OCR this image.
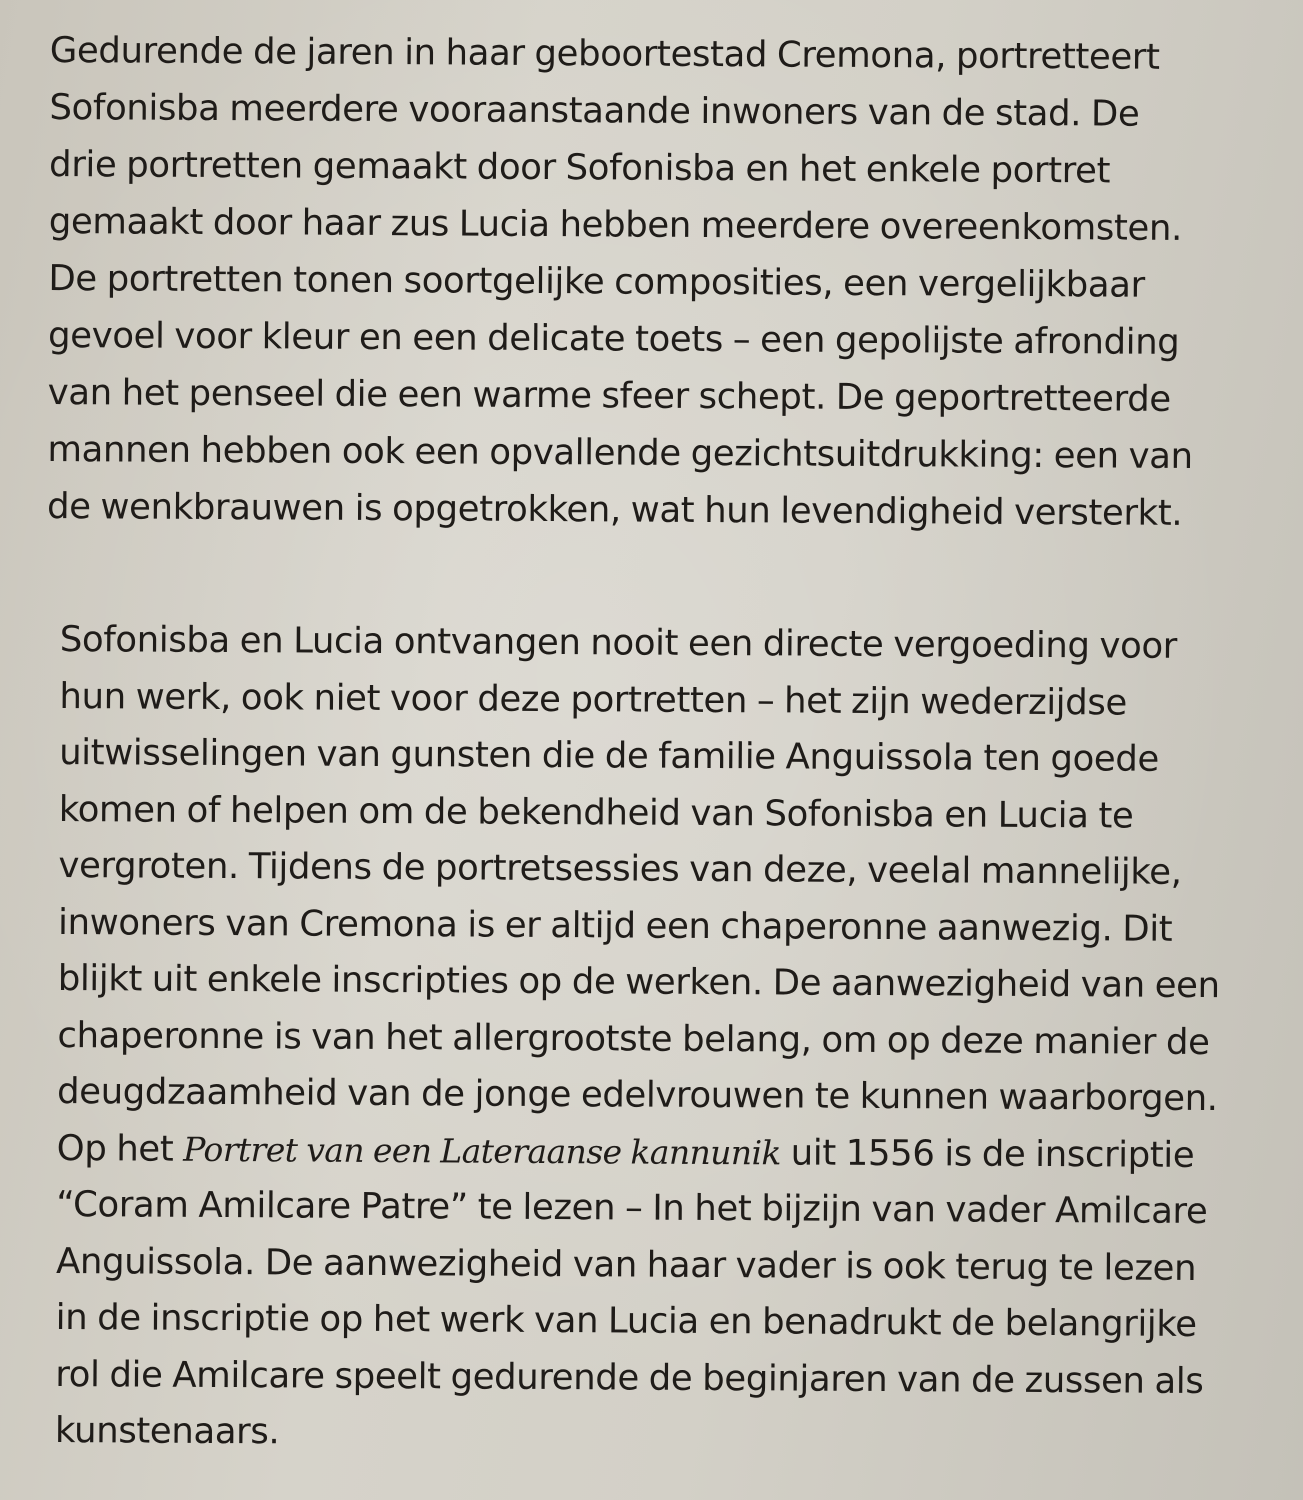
Gedurende de jaren in haar geboortestad Cremona, portretteert
Sofonisba meerdere vooraanstaande inwoners van de stad. De
drie portretten gemaakt door Sofonisba en het enkele portret
gemaakt door haar zus Lucia hebben meerdere overeenkomsten.
De portretten tonen soortgelijke composities, een vergelijkbaar
gevoel voor kleur en een delicate toets – een gepolijste afronding
van het penseel die een warme sfeer schept. De geportretteerde
mannen hebben ook een opvallende gezichtsuitdrukking: een van
de wenkbrauwen is opgetrokken, wat hun levendigheid versterkt.

Sofonisba en Lucia ontvangen nooit een directe vergoeding voor
hun werk, ook niet voor deze portretten – het zijn wederzijdse
uitwisselingen van gunsten die de familie Anguissola ten goede
komen of helpen om de bekendheid van Sofonisba en Lucia te
vergroten. Tijdens de portretsessies van deze, veelal mannelijke,
inwoners van Cremona is er altijd een chaperonne aanwezig. Dit
blijkt uit enkele inscripties op de werken. De aanwezigheid van een
chaperonne is van het allergrootste belang, om op deze manier de
deugdzaamheid van de jonge edelvrouwen te kunnen waarborgen.
Op het Portret van een Lateraanse kannunik uit 1556 is de inscriptie
“Coram Amilcare Patre” te lezen – In het bijzijn van vader Amilcare
Anguissola. De aanwezigheid van haar vader is ook terug te lezen
in de inscriptie op het werk van Lucia en benadrukt de belangrijke
rol die Amilcare speelt gedurende de beginjaren van de zussen als
kunstenaars.
